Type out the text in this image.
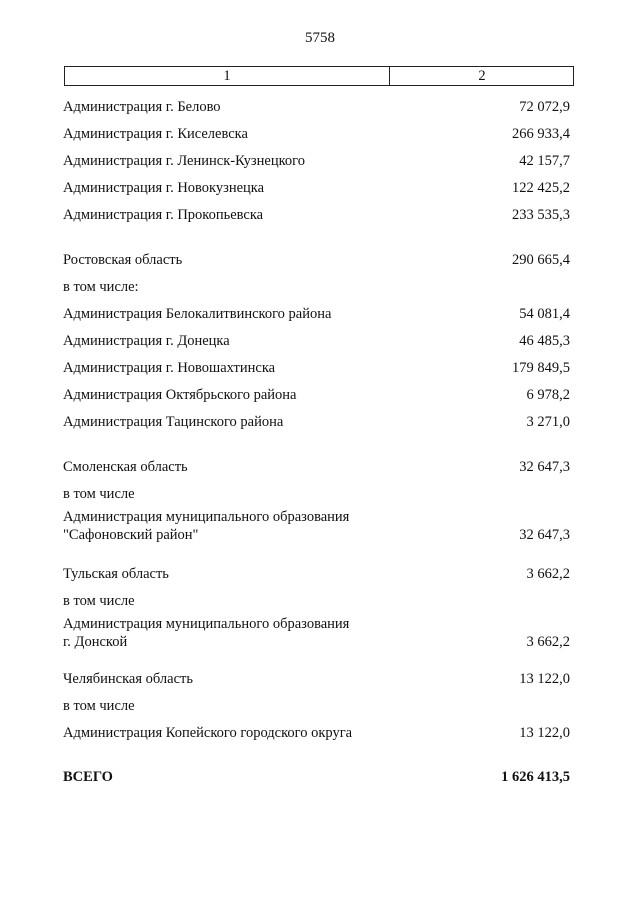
5758
1	2
Администрация г. Белово	72 072,9
Администрация г. Киселевска	266 933,4
Администрация г. Ленинск-Кузнецкого	42 157,7
Администрация г. Новокузнецка	122 425,2
Администрация г. Прокопьевска	233 535,3
Ростовская область	290 665,4
в том числе:
Администрация Белокалитвинского района	54 081,4
Администрация г. Донецка	46 485,3
Администрация г. Новошахтинска	179 849,5
Администрация Октябрьского района	6 978,2
Администрация Тацинского района	3 271,0
Смоленская область	32 647,3
в том числе
Администрация муниципального образования
"Сафоновский район"	32 647,3
Тульская область	3 662,2
в том числе
Администрация муниципального образования
г. Донской	3 662,2
Челябинская область	13 122,0
в том числе
Администрация Копейского городского округа	13 122,0
ВСЕГО	1 626 413,5
